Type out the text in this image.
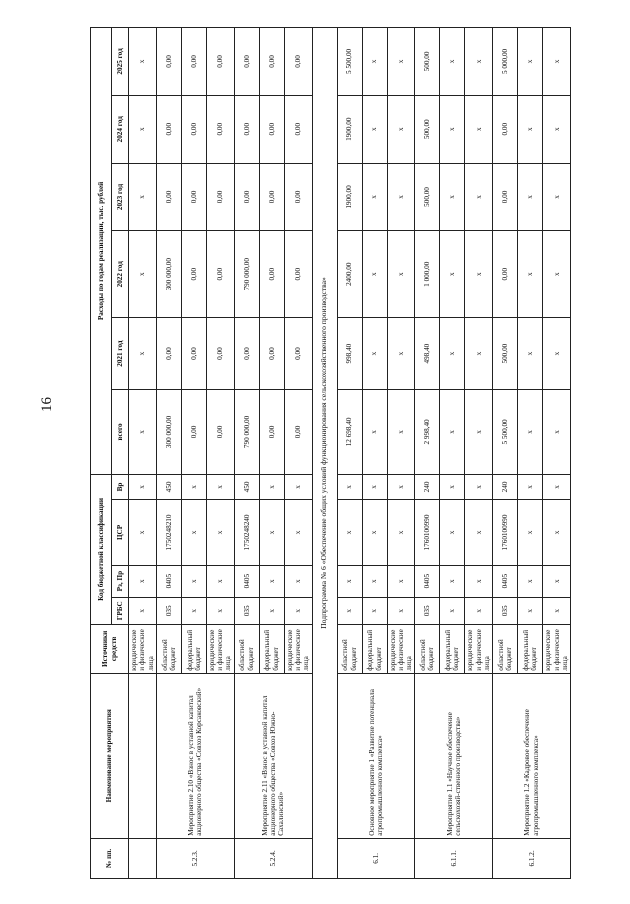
16
№ пп.	Наименование мероприятия	Источники средств	Код бюджетной классификации				Расходы по годам реализации, тыс. рублей					
			ГРБС	Рз, Пр	ЦСР	Вр	всего	2021 год	2022 год	2023 год	2024 год	2025 год
		юридические и физические лица	х	х	х	х	х	х	х	х	х	х
5.2.3.	Мероприятие 2.10 «Взнос в уставной капитал акционерного общества «Совхоз Корсаковский»	областной бюджет	035	0405	1750248210	450	300 000,00	0,00	300 000,00	0,00	0,00	0,00
		федеральный бюджет	х	х	х	х	0,00	0,00	0,00	0,00	0,00	0,00
		юридические и физические лица	х	х	х	х	0,00	0,00	0,00	0,00	0,00	0,00
5.2.4.	Мероприятие 2.11 «Взнос в уставной капитал акционерного общества «Совхоз Южно-Сахалинский»	областной бюджет	035	0405	1750248240	450	790 000,00	0,00	790 000,00	0,00	0,00	0,00
		федеральный бюджет	х	х	х	х	0,00	0,00	0,00	0,00	0,00	0,00
		юридические и физические лица	х	х	х	х	0,00	0,00	0,00	0,00	0,00	0,00
Подпрограмма № 6 «Обеспечение общих условий функционирования сельскохозяйственного производства»												
6.1.	Основное мероприятие 1 «Развитие потенциала агропромышленного комплекса»	областной бюджет	х	х	х	х	12 698,40	998,40	2400,00	1900,00	1900,00	5 500,00
		федеральный бюджет	х	х	х	х	х	х	х	х	х	х
		юридические и физические лица	х	х	х	х	х	х	х	х	х	х
6.1.1.	Мероприятие 1.1 «Научное обеспечение сельскохозяй-ственного производства»	областной бюджет	035	0405	1760100990	240	2 998,40	498,40	1 000,00	500,00	500,00	500,00
		федеральный бюджет	х	х	х	х	х	х	х	х	х	х
		юридические и физические лица	х	х	х	х	х	х	х	х	х	х
6.1.2.	Мероприятие 1.2 «Кадровое обеспечение агропромышленного комплекса»	областной бюджет	035	0405	1760100990	240	5 500,00	500,00	0,00	0,00	0,00	5 000,00
		федеральный бюджет	х	х	х	х	х	х	х	х	х	х
		юридические и физические лица	х	х	х	х	х	х	х	х	х	х
